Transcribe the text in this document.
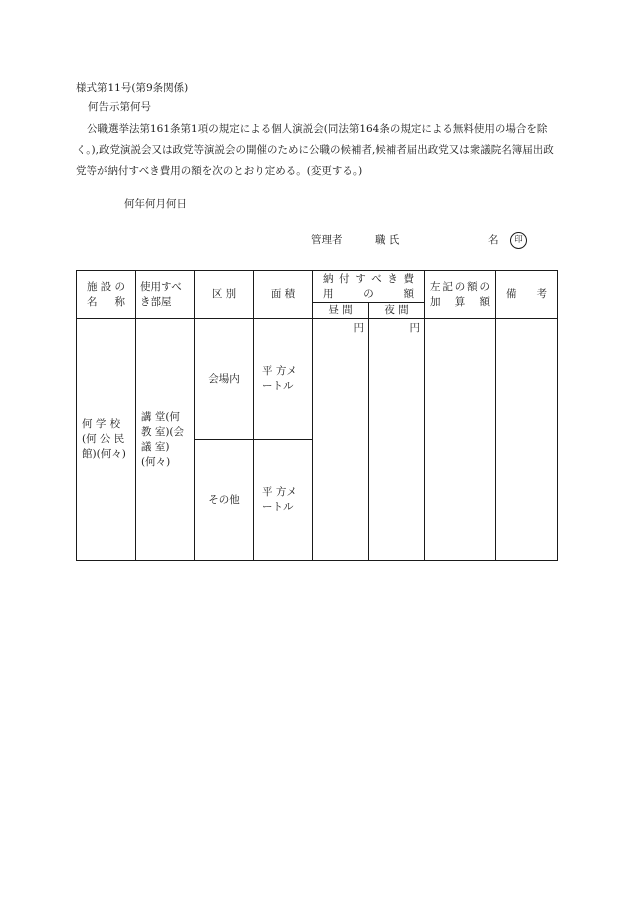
様式第11号(第9条関係)
何告示第何号
公職選挙法第161条第1項の規定による個人演説会(同法第164条の規定による無料使用の場合を除く。),政党演説会又は政党等演説会の開催のために公職の候補者,候補者届出政党又は衆議院名簿届出政党等が納付すべき費用の額を次のとおり定める。(変更する。)
何年何月何日
管理者	職 氏	名	印
施設の名 称	使用すべき部屋	区 別	面 積	納 付 す べ き 費 用 の 額		左記の額の加 算 額	備 考
				昼 間	夜 間		
何 学 校(何 公 民館)(何々)	講 堂(何 教 室)(会 議 室)(何々)	会場内	平 方メートル	円	円		
		その他	平 方メートル				
